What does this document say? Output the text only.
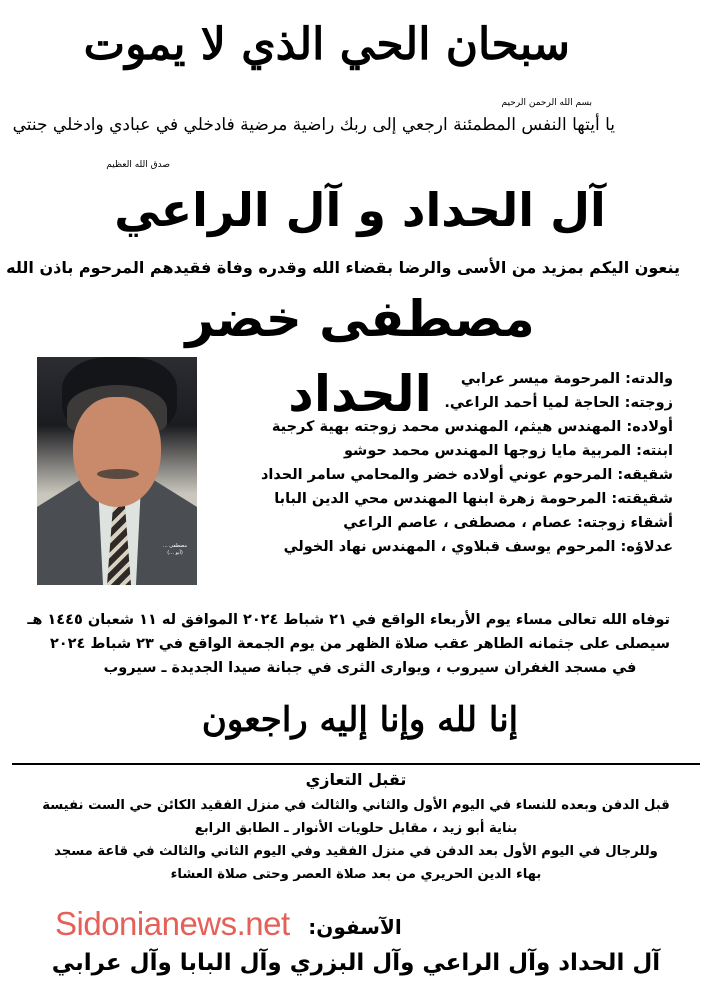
سبحان الحي الذي لا يموت
بسم الله الرحمن الرحيم
يا أيتها النفس المطمئنة ارجعي إلى ربك راضية مرضية فادخلي في عبادي وادخلي جنتي
صدق الله العظيم
آل الحداد و آل الراعي
ينعون اليكم بمزيد من الأسى والرضا بقضاء الله وقدره وفاة فقيدهم المرحوم باذن الله
مصطفى خضر الحداد
مصطفى ...
(أبو ...)
والدته: المرحومة ميسر عرابي
زوجته: الحاجة لميا أحمد الراعي.
أولاده: المهندس هيثم، المهندس محمد زوجته بهية كرجية
ابنته: المربية مايا زوجها المهندس محمد حوشو
شقيقه: المرحوم عوني أولاده خضر والمحامي سامر الحداد
شقيقته: المرحومة زهرة ابنها المهندس محي الدين البابا
أشقاء زوجته: عصام ، مصطفى ، عاصم الراعي
عدلاؤه: المرحوم يوسف قبلاوي ، المهندس نهاد الخولي
توفاه الله تعالى مساء يوم الأربعاء الواقع في ٢١ شباط ٢٠٢٤ الموافق له ١١ شعبان ١٤٤٥ هـ
سيصلى على جثمانه الطاهر عقب صلاة الظهر من يوم الجمعة الواقع في ٢٣ شباط ٢٠٢٤
في مسجد الغفران سيروب ، ويوارى الثرى في جبانة صيدا الجديدة ـ سيروب
إنا لله وإنا إليه راجعون
تقبل التعازي
قبل الدفن وبعده للنساء في اليوم الأول والثاني والثالث في منزل الفقيد الكائن حي الست نفيسة
بناية أبو زيد ، مقابل حلويات الأنوار ـ الطابق الرابع
وللرجال في اليوم الأول بعد الدفن في منزل الفقيد وفي اليوم الثاني والثالث في قاعة مسجد
بهاء الدين الحريري من بعد صلاة العصر وحتى صلاة العشاء
Sidonianews.net الآسفون:
آل الحداد وآل الراعي وآل البزري وآل البابا وآل عرابي
